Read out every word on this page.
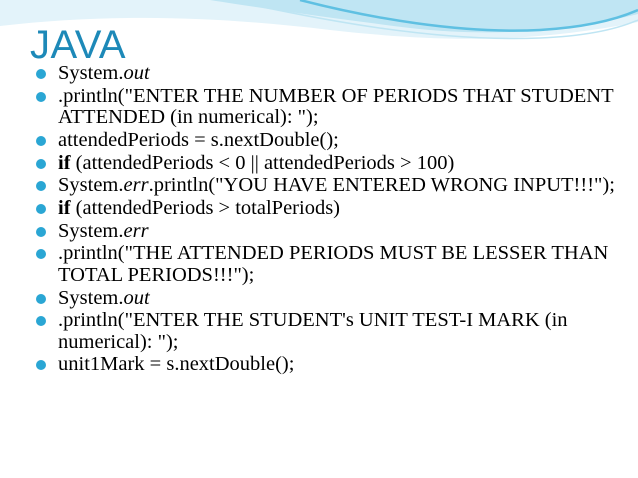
JAVA
System.out
.println("ENTER THE NUMBER OF PERIODS THAT STUDENT ATTENDED (in numerical): ");
attendedPeriods = s.nextDouble();
if (attendedPeriods < 0 || attendedPeriods > 100)
System.err.println("YOU HAVE ENTERED WRONG INPUT!!!");
if (attendedPeriods > totalPeriods)
System.err
.println("THE ATTENDED PERIODS MUST BE LESSER THAN TOTAL PERIODS!!!");
System.out
.println("ENTER THE STUDENT's UNIT TEST-I MARK (in numerical): ");
unit1Mark = s.nextDouble();
